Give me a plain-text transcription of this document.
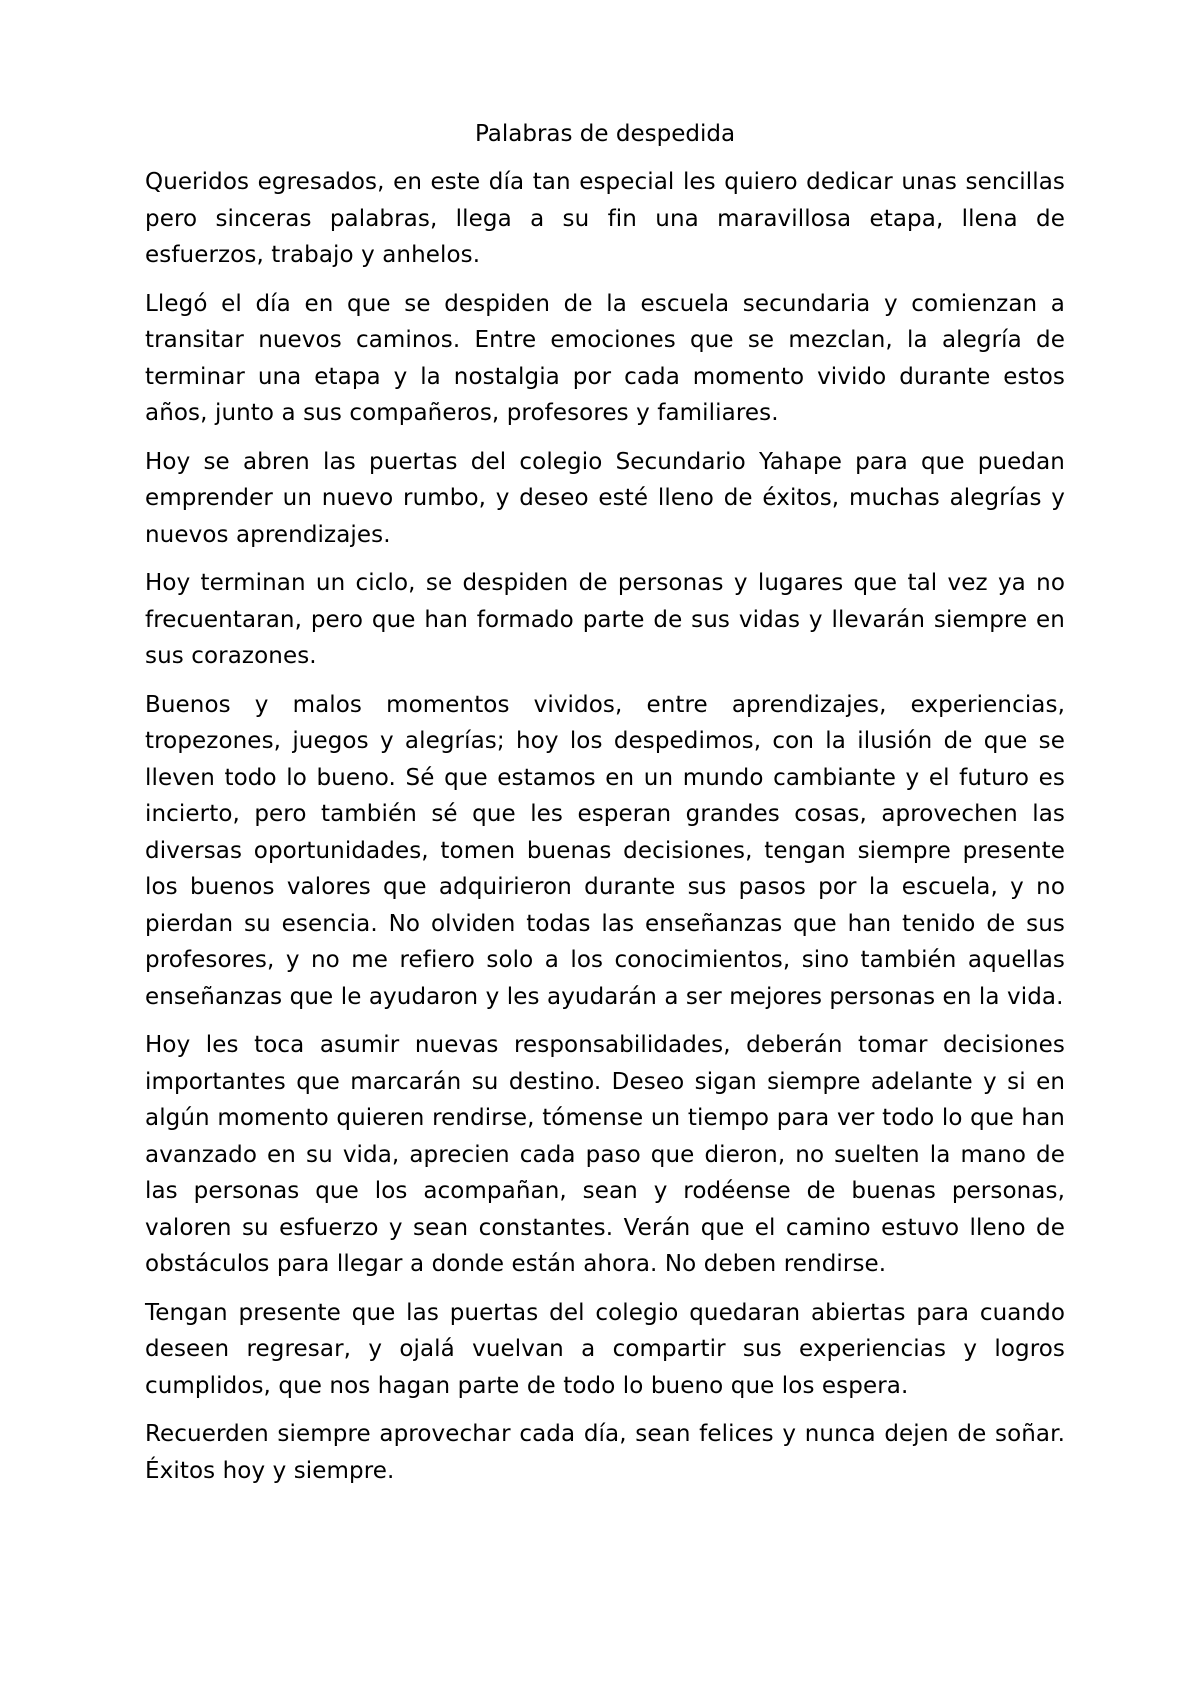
Palabras de despedida

Queridos egresados, en este día tan especial les quiero dedicar unas sencillas pero sinceras palabras, llega a su fin una maravillosa etapa, llena de esfuerzos, trabajo y anhelos.

Llegó el día en que se despiden de la escuela secundaria y comienzan a transitar nuevos caminos. Entre emociones que se mezclan, la alegría de terminar una etapa y la nostalgia por cada momento vivido durante estos años, junto a sus compañeros, profesores y familiares.

Hoy se abren las puertas del colegio Secundario Yahape para que puedan emprender un nuevo rumbo, y deseo esté lleno de éxitos, muchas alegrías y nuevos aprendizajes.

Hoy terminan un ciclo, se despiden de personas y lugares que tal vez ya no frecuentaran, pero que han formado parte de sus vidas y llevarán siempre en sus corazones.

Buenos y malos momentos vividos, entre aprendizajes, experiencias, tropezones, juegos y alegrías; hoy los despedimos, con la ilusión de que se lleven todo lo bueno. Sé que estamos en un mundo cambiante y el futuro es incierto, pero también sé que les esperan grandes cosas, aprovechen las diversas oportunidades, tomen buenas decisiones, tengan siempre presente los buenos valores que adquirieron durante sus pasos por la escuela, y no pierdan su esencia. No olviden todas las enseñanzas que han tenido de sus profesores, y no me refiero solo a los conocimientos, sino también aquellas enseñanzas que le ayudaron y les ayudarán a ser mejores personas en la vida.

Hoy les toca asumir nuevas responsabilidades, deberán tomar decisiones importantes que marcarán su destino. Deseo sigan siempre adelante y si en algún momento quieren rendirse, tómense un tiempo para ver todo lo que han avanzado en su vida, aprecien cada paso que dieron, no suelten la mano de las personas que los acompañan, sean y rodéense de buenas personas, valoren su esfuerzo y sean constantes. Verán que el camino estuvo lleno de obstáculos para llegar a donde están ahora. No deben rendirse.

Tengan presente que las puertas del colegio quedaran abiertas para cuando deseen regresar, y ojalá vuelvan a compartir sus experiencias y logros cumplidos, que nos hagan parte de todo lo bueno que los espera.

Recuerden siempre aprovechar cada día, sean felices y nunca dejen de soñar. Éxitos hoy y siempre.
